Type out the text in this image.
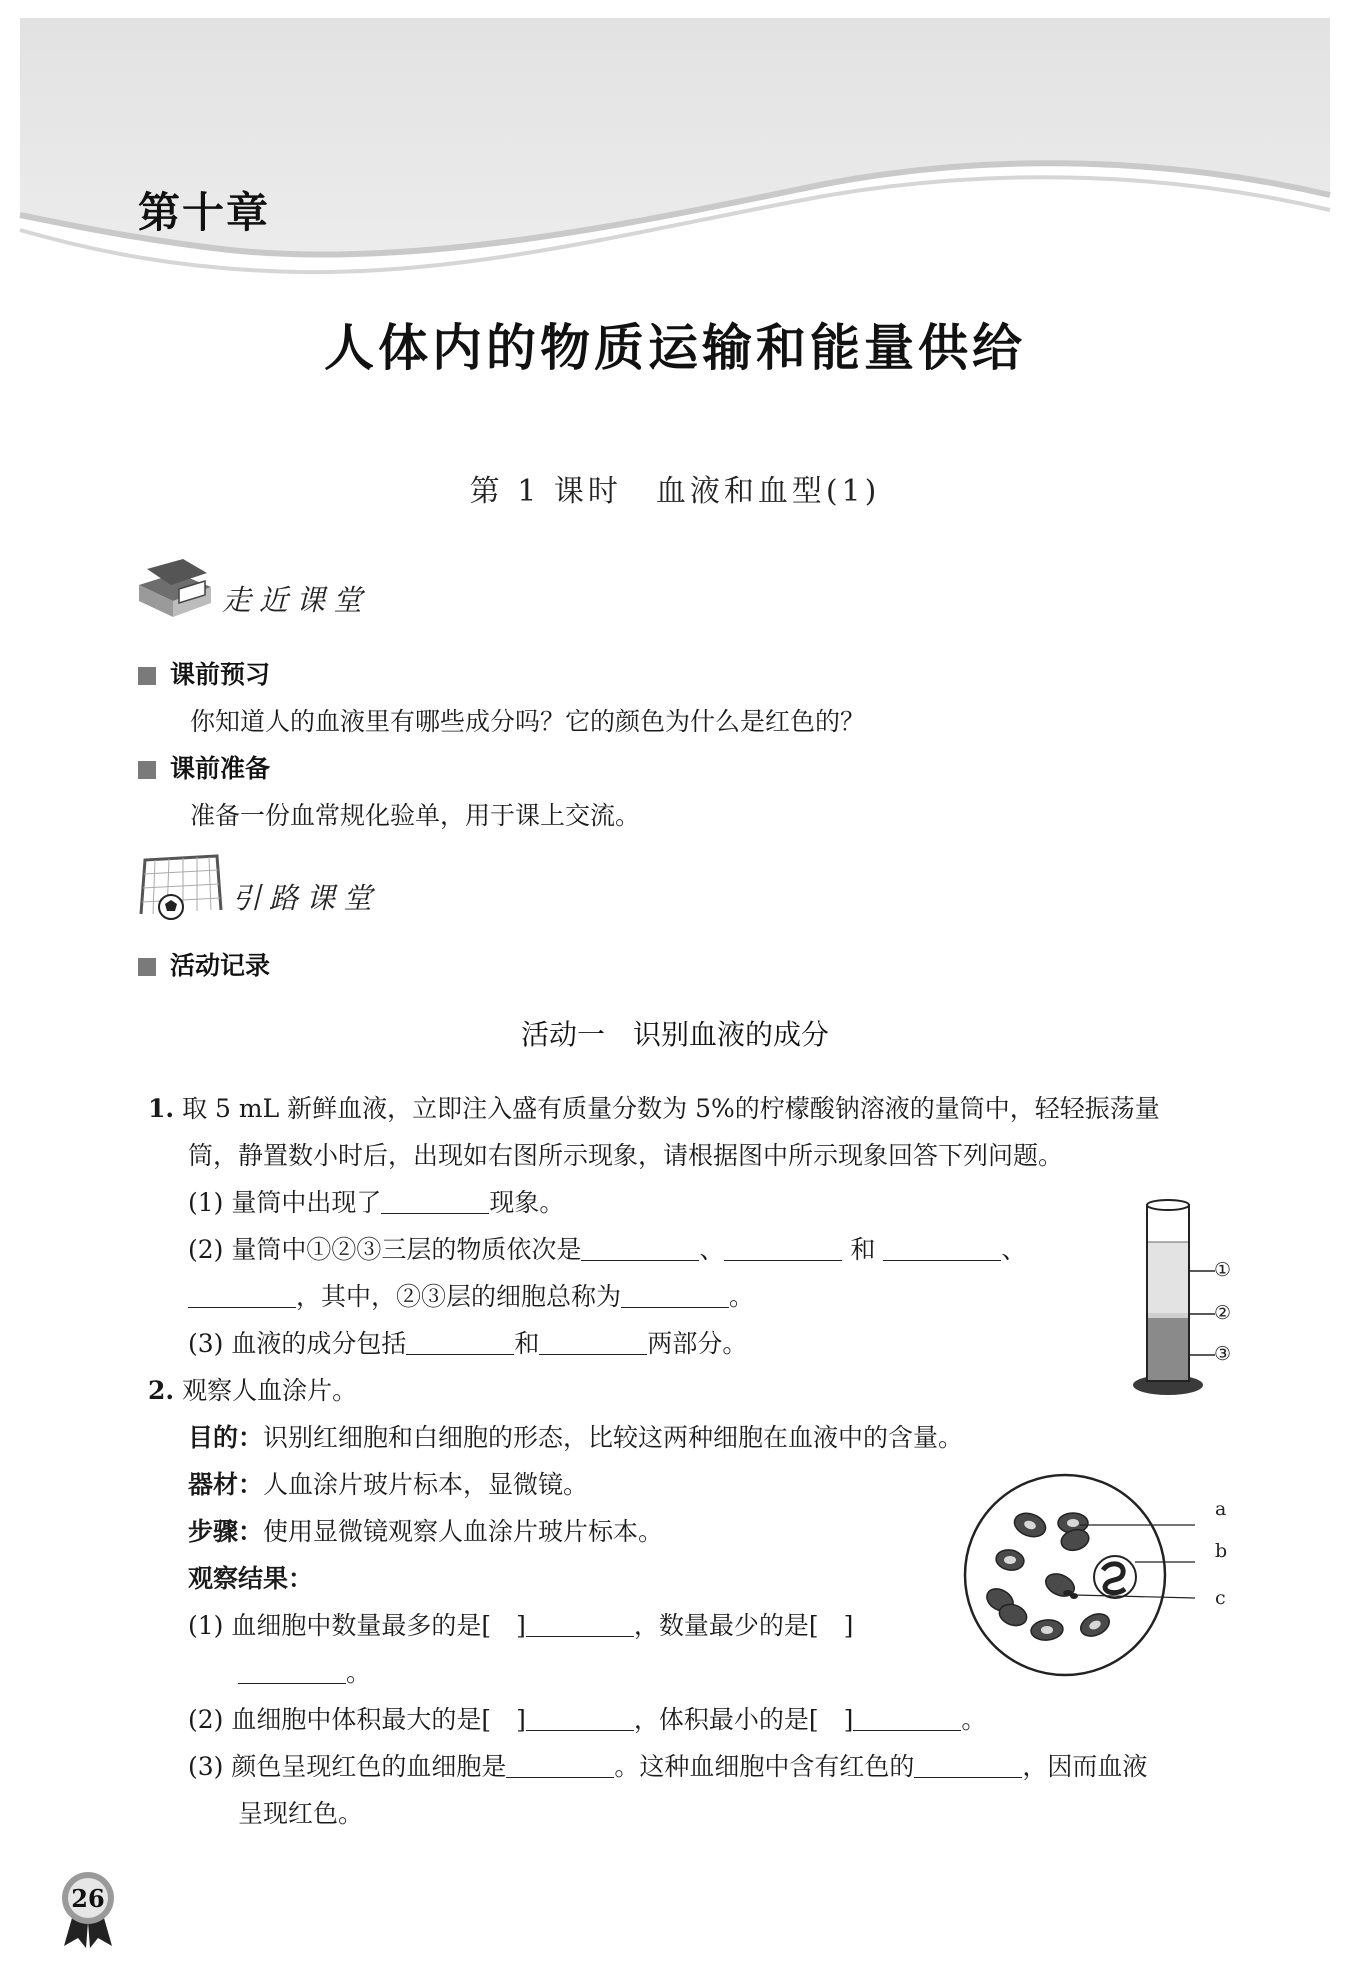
第十章
人体内的物质运输和能量供给
第 1 课时　血液和血型(1)
走近课堂
课前预习
你知道人的血液里有哪些成分吗？它的颜色为什么是红色的？
课前准备
准备一份血常规化验单，用于课上交流。
引路课堂
活动记录
活动一　识别血液的成分
1. 取 5 mL 新鲜血液，立即注入盛有质量分数为 5%的柠檬酸钠溶液的量筒中，轻轻振荡量
筒，静置数小时后，出现如右图所示现象，请根据图中所示现象回答下列问题。
(1) 量筒中出现了	现象。
(2) 量筒中①②③三层的物质依次是	、	和	、
，其中，②③层的细胞总称为	。
(3) 血液的成分包括	和	两部分。
①
②
③
2. 观察人血涂片。
目的：识别红细胞和白细胞的形态，比较这两种细胞在血液中的含量。
器材：人血涂片玻片标本，显微镜。
步骤：使用显微镜观察人血涂片玻片标本。
观察结果：
(1) 血细胞中数量最多的是[　]	，数量最少的是[　]
。
(2) 血细胞中体积最大的是[　]	，体积最小的是[　]	。
(3) 颜色呈现红色的血细胞是	。这种血细胞中含有红色的	，因而血液
呈现红色。
a
b
c
26
